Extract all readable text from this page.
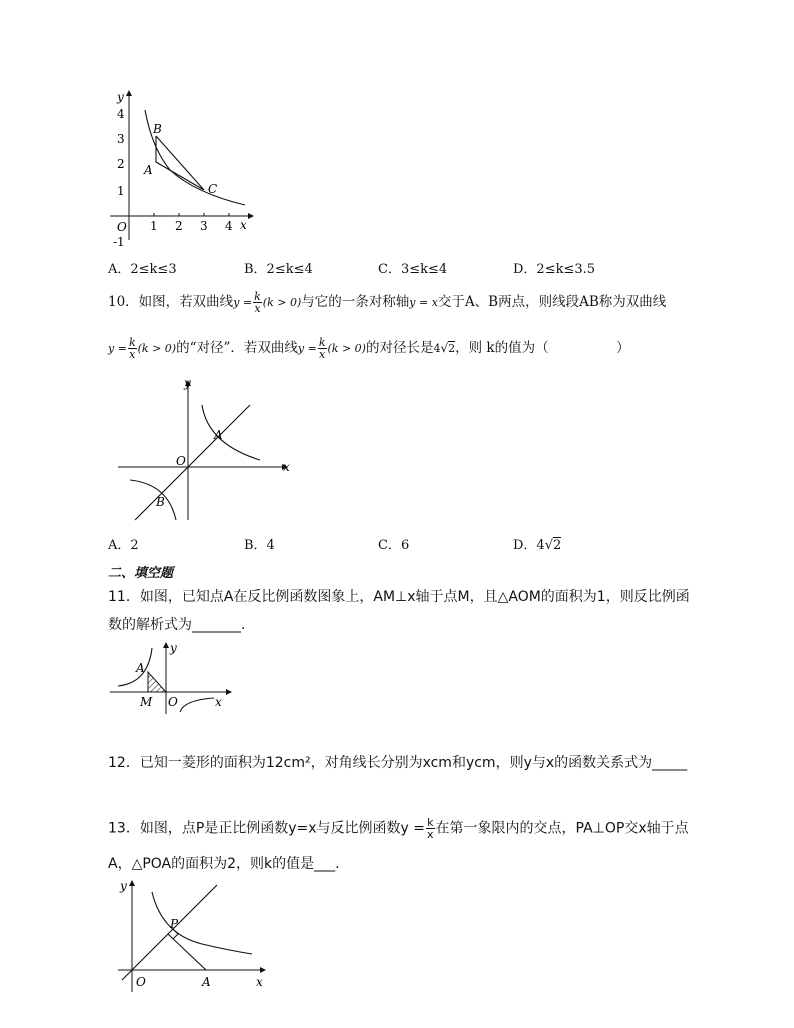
y
x
O
4
3
2
1
-1
1 2 3 4
B
A
C
A．2≤k≤3	B．2≤k≤4	C．3≤k≤4	D．2≤k≤3.5
10．如图，若双曲线$y = \frac{k}{x} (k > 0)$与它的一条对称轴y = x交于A、B两点，则线段AB称为双曲线
$y = \frac{k}{x} (k > 0)$的“对径”．若双曲线$y = \frac{k}{x} (k > 0)$的对径长是4√2，则 k的值为（　　　　　）
y
x
O
A
B
A．2	B．4	C．6	D．4√2
二、填空题
11．如图，已知点A在反比例函数图象上，AM⊥x轴于点M，且△AOM的面积为1，则反比例函
数的解析式为_______.
y
x
O
A
M
12．已知一菱形的面积为12cm²，对角线长分别为xcm和ycm，则y与x的函数关系式为_____
13．如图，点P是正比例函数y=x与反比例函数$y = \frac{k}{x}$ 在第一象限内的交点，PA⊥OP交x轴于点
A，△POA的面积为2，则k的值是___.
y
x
O
P
A
